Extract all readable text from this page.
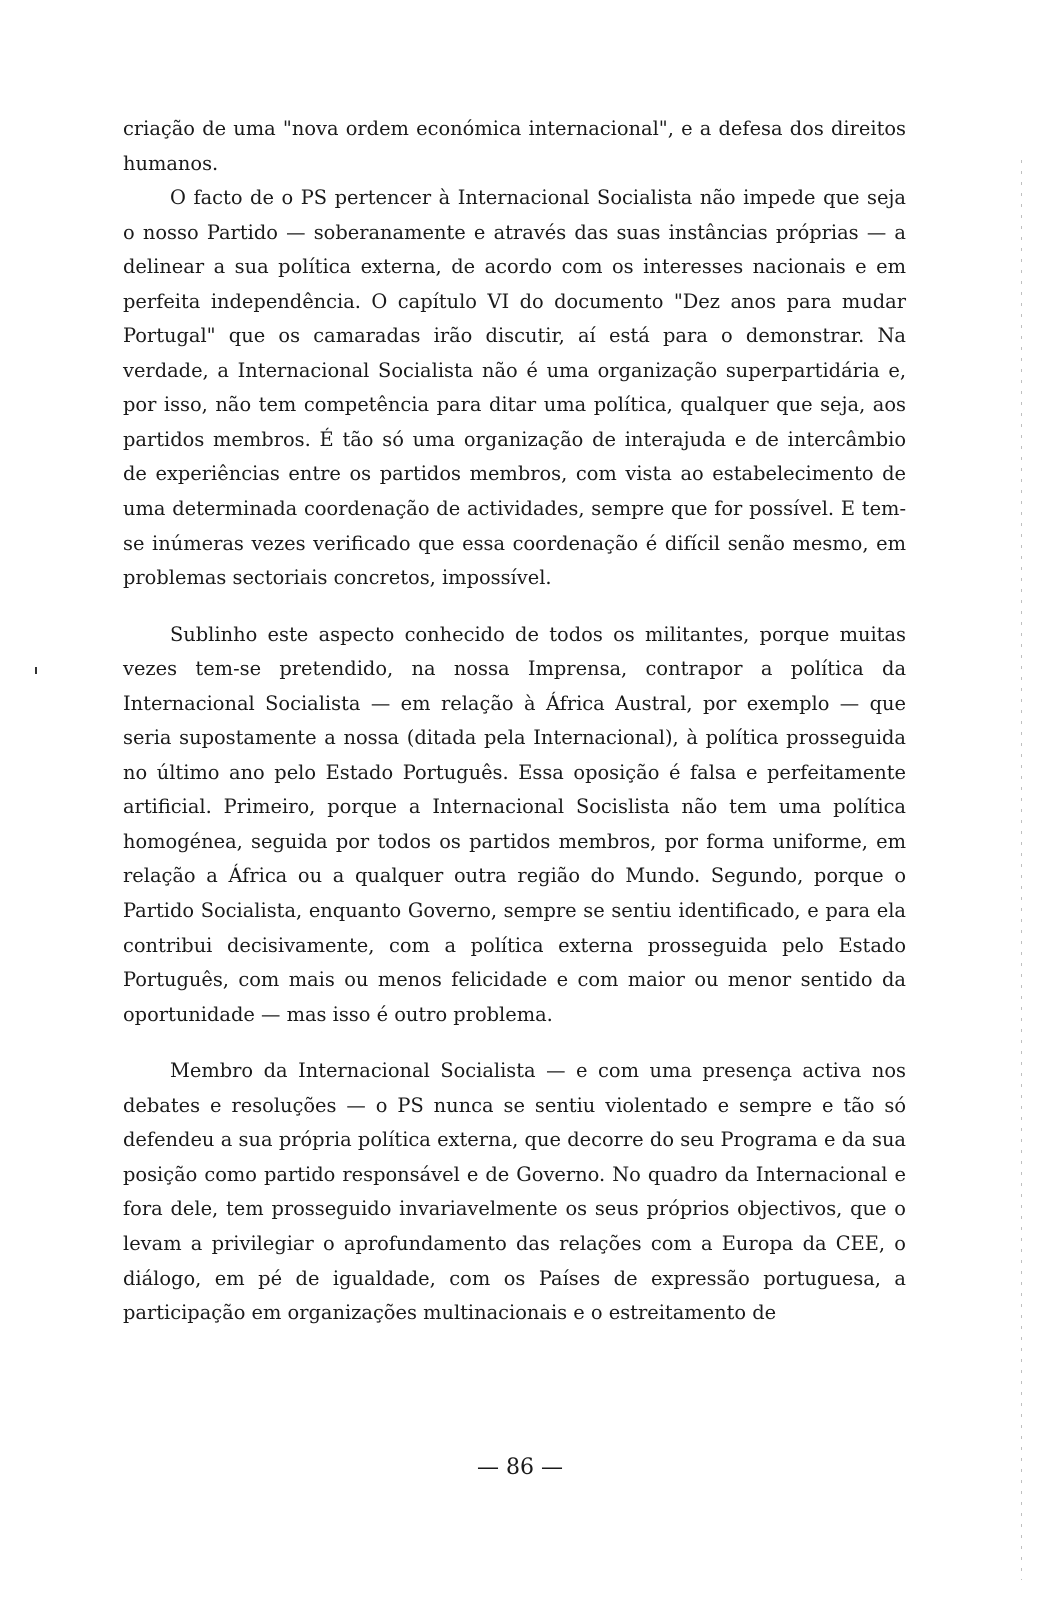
criação de uma "nova ordem económica internacional", e a defesa dos direitos humanos.

O facto de o PS pertencer à Internacional Socialista não impede que seja o nosso Partido — soberanamente e através das suas instâncias próprias — a delinear a sua política externa, de acordo com os interesses nacionais e em perfeita independência. O capítulo VI do documento "Dez anos para mudar Portugal" que os camaradas irão discutir, aí está para o demonstrar. Na verdade, a Internacional Socialista não é uma organização superpartidária e, por isso, não tem competência para ditar uma política, qualquer que seja, aos partidos membros. É tão só uma organização de interajuda e de intercâmbio de experiências entre os partidos membros, com vista ao estabelecimento de uma determinada coordenação de actividades, sempre que for possível. E tem-se inúmeras vezes verificado que essa coordenação é difícil senão mesmo, em problemas sectoriais concretos, impossível.

Sublinho este aspecto conhecido de todos os militantes, porque muitas vezes tem-se pretendido, na nossa Imprensa, contrapor a política da Internacional Socialista — em relação à África Austral, por exemplo — que seria supostamente a nossa (ditada pela Internacional), à política prosseguida no último ano pelo Estado Português. Essa oposição é falsa e perfeitamente artificial. Primeiro, porque a Internacional Socislista não tem uma política homogénea, seguida por todos os partidos membros, por forma uniforme, em relação a África ou a qualquer outra região do Mundo. Segundo, porque o Partido Socialista, enquanto Governo, sempre se sentiu identificado, e para ela contribui decisivamente, com a política externa prosseguida pelo Estado Português, com mais ou menos felicidade e com maior ou menor sentido da oportunidade — mas isso é outro problema.

Membro da Internacional Socialista — e com uma presença activa nos debates e resoluções — o PS nunca se sentiu violentado e sempre e tão só defendeu a sua própria política externa, que decorre do seu Programa e da sua posição como partido responsável e de Governo. No quadro da Internacional e fora dele, tem prosseguido invariavelmente os seus próprios objectivos, que o levam a privilegiar o aprofundamento das relações com a Europa da CEE, o diálogo, em pé de igualdade, com os Países de expressão portuguesa, a participação em organizações multinacionais e o estreitamento de

— 86 —
